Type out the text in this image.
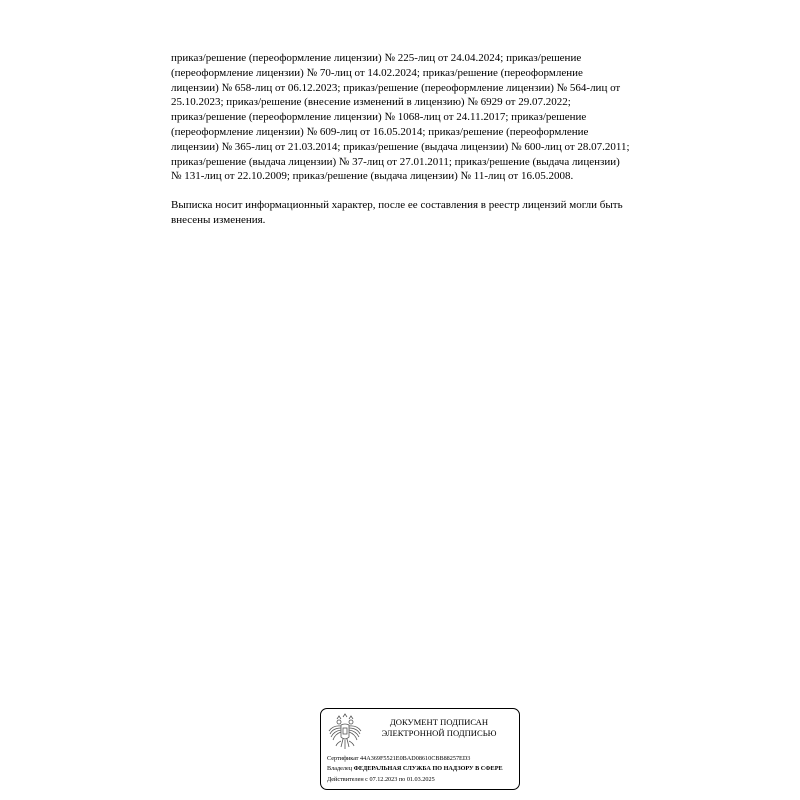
приказ/решение (переоформление лицензии) № 225-лиц от 24.04.2024; приказ/решение
(переоформление лицензии) № 70-лиц от 14.02.2024; приказ/решение (переоформление
лицензии) № 658-лиц от 06.12.2023; приказ/решение (переоформление лицензии) № 564-лиц от
25.10.2023; приказ/решение (внесение изменений в лицензию) № 6929 от 29.07.2022;
приказ/решение (переоформление лицензии) № 1068-лиц от 24.11.2017; приказ/решение
(переоформление лицензии) № 609-лиц от 16.05.2014; приказ/решение (переоформление
лицензии) № 365-лиц от 21.03.2014; приказ/решение (выдача лицензии) № 600-лиц от 28.07.2011;
приказ/решение (выдача лицензии) № 37-лиц от 27.01.2011; приказ/решение (выдача лицензии)
№ 131-лиц от 22.10.2009; приказ/решение (выдача лицензии) № 11-лиц от 16.05.2008.
Выписка носит информационный характер, после ее составления в реестр лицензий могли быть
внесены изменения.
ДОКУМЕНТ ПОДПИСАН
ЭЛЕКТРОННОЙ ПОДПИСЬЮ
Сертификат 44A369F5521E0BAD08610CBB88257ED3
Владелец ФЕДЕРАЛЬНАЯ СЛУЖБА ПО НАДЗОРУ В СФЕРЕ
Действителен с 07.12.2023 по 01.03.2025
